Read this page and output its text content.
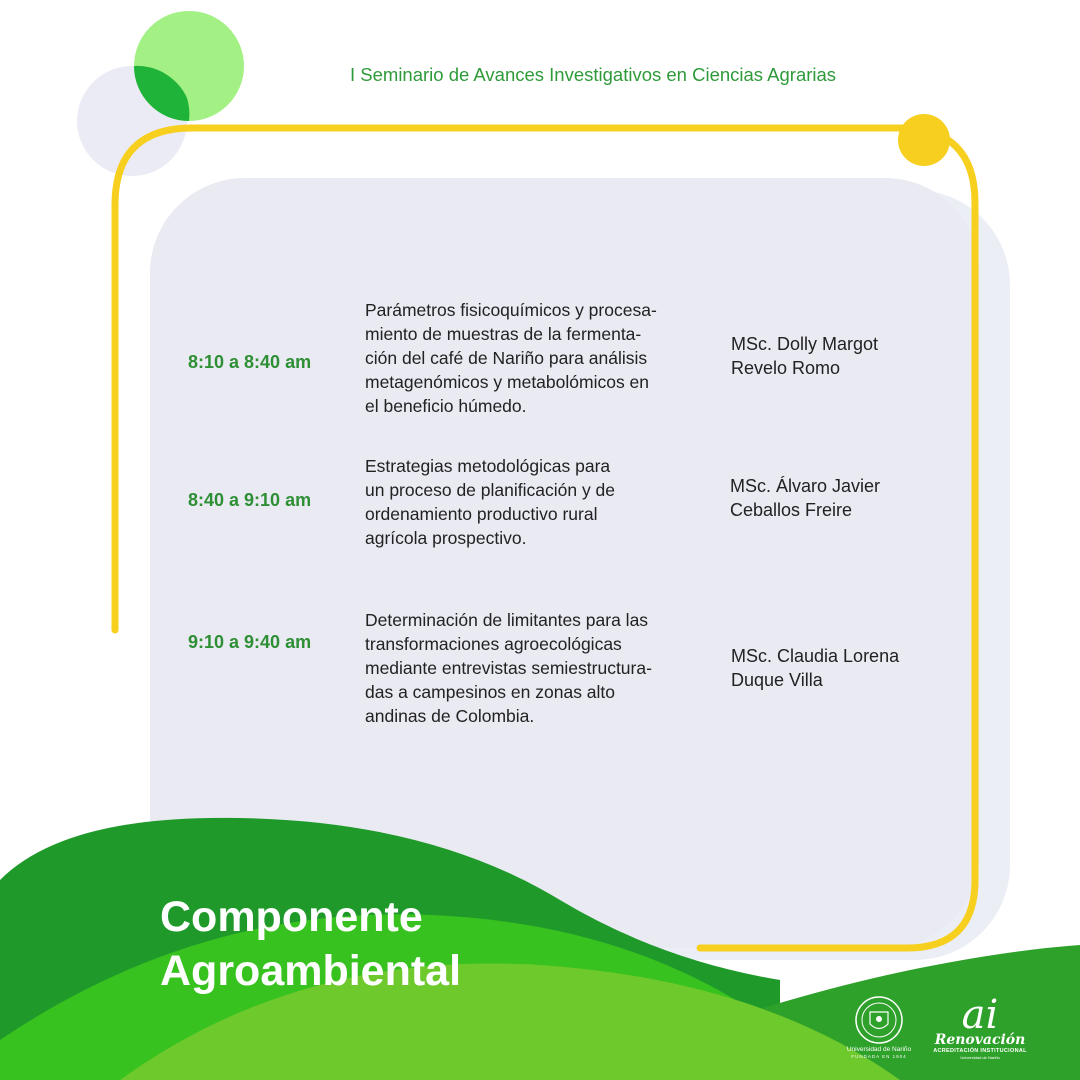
I Seminario de Avances Investigativos en Ciencias Agrarias
8:10 a 8:40 am
Parámetros fisicoquímicos y procesa-
miento de muestras de la fermenta-
ción del café de Nariño para análisis
metagenómicos y metabolómicos en
el beneficio húmedo.
MSc. Dolly Margot
Revelo Romo
8:40 a 9:10 am
Estrategias metodológicas para
un proceso de planificación y de
ordenamiento productivo rural
agrícola prospectivo.
MSc. Álvaro Javier
Ceballos Freire
9:10 a 9:40 am
Determinación de limitantes para las
transformaciones agroecológicas
mediante entrevistas semiestructura-
das a campesinos en zonas alto
andinas de Colombia.
MSc. Claudia Lorena
Duque Villa
Componente
Agroambiental
Universidad de Nariño
FUNDADA EN 1904
ai
Renovación
ACREDITACIÓN INSTITUCIONAL
Universidad de Nariño
